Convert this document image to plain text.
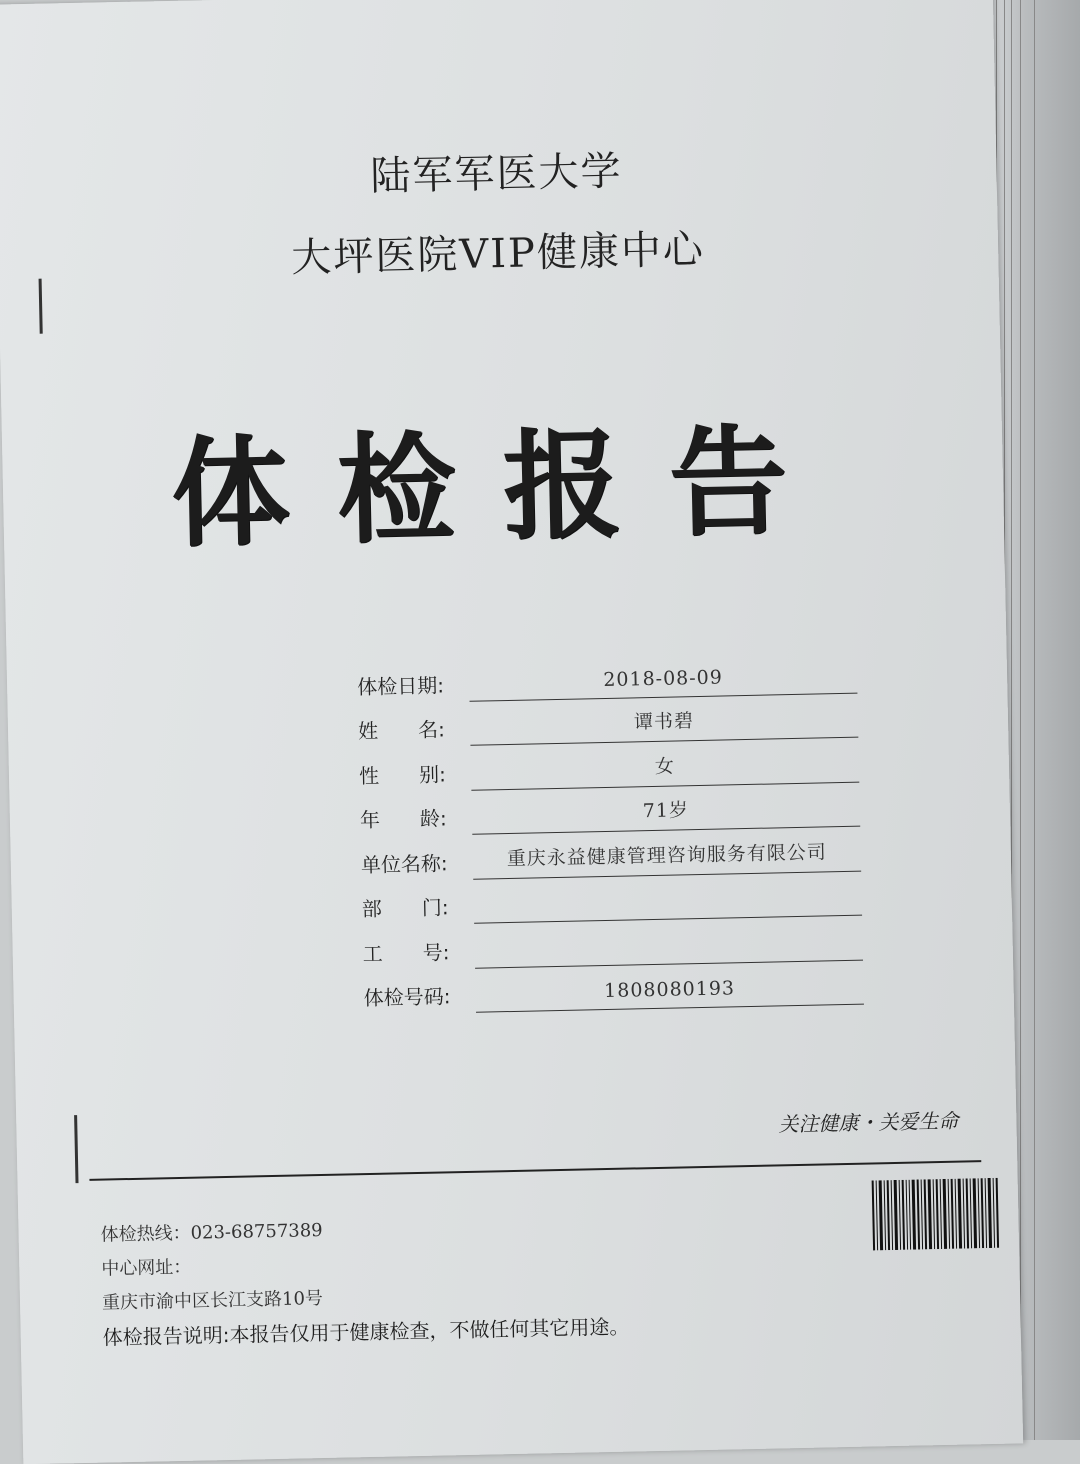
陆军军医大学
大坪医院VIP健康中心
体检报告
体检日期:	2018-08-09
姓　　名:	谭书碧
性　　别:	女
年　　龄:	71岁
单位名称:	重庆永益健康管理咨询服务有限公司
部　　门:
工　　号:
体检号码:	1808080193
关注健康・关爱生命
体检热线：023-68757389
中心网址：
重庆市渝中区长江支路10号
体检报告说明:本报告仅用于健康检查，不做任何其它用途。
